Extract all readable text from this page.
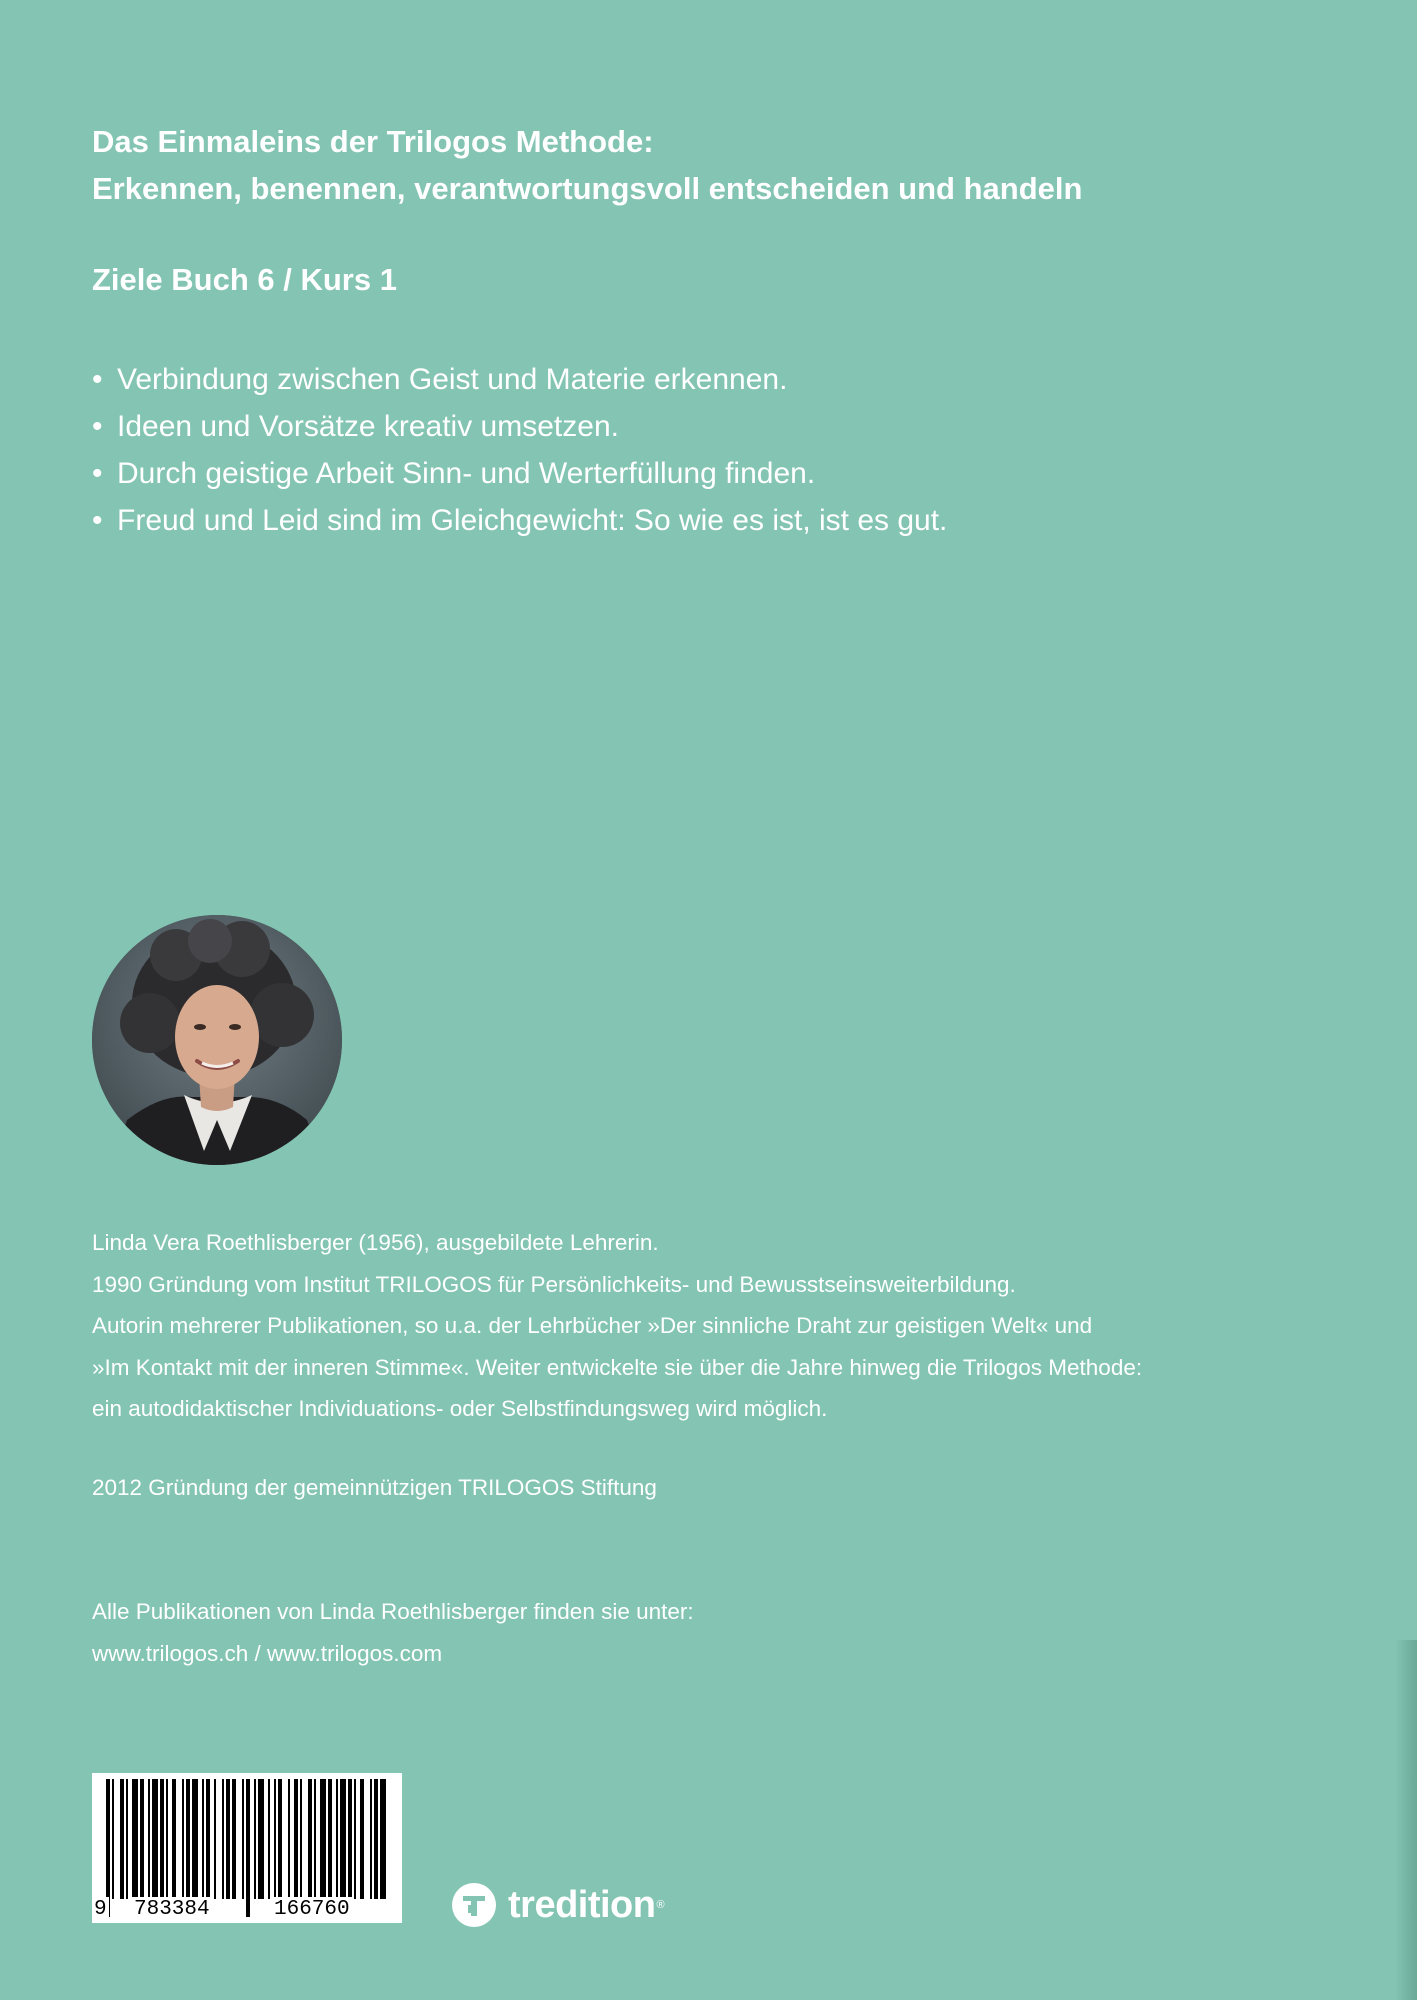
Das Einmaleins der Trilogos Methode:

Erkennen, benennen, verantwortungsvoll entscheiden und handeln

Ziele Buch 6 / Kurs 1

• Verbindung zwischen Geist und Materie erkennen.
• Ideen und Vorsätze kreativ umsetzen.
• Durch geistige Arbeit Sinn- und Werterfüllung finden.
• Freud und Leid sind im Gleichgewicht: So wie es ist, ist es gut.

Linda Vera Roethlisberger (1956), ausgebildete Lehrerin.

1990 Gründung vom Institut TRILOGOS für Persönlichkeits- und Bewusstseinsweiterbildung.

Autorin mehrerer Publikationen, so u.a. der Lehrbücher »Der sinnliche Draht zur geistigen Welt« und

»Im Kontakt mit der inneren Stimme«. Weiter entwickelte sie über die Jahre hinweg die Trilogos Methode:

ein autodidaktischer Individuations- oder Selbstfindungsweg wird möglich.

2012 Gründung der gemeinnützigen TRILOGOS Stiftung

Alle Publikationen von Linda Roethlisberger finden sie unter:

www.trilogos.ch / www.trilogos.com

9 783384	166760	tredition ®
